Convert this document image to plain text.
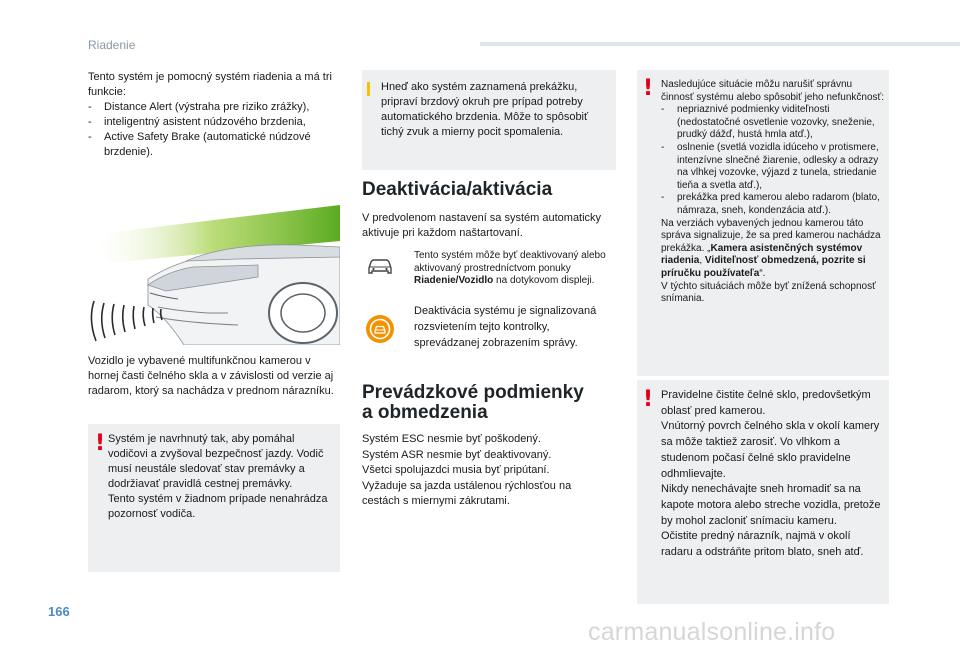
Riadenie

Tento systém je pomocný systém riadenia a má tri funkcie:

- Distance Alert (výstraha pre riziko zrážky),
- inteligentný asistent núdzového brzdenia,
- Active Safety Brake (automatické núdzové brzdenie).
Vozidlo je vybavené multifunkčnou kamerou v hornej časti čelného skla a v závislosti od verzie aj radarom, ktorý sa nachádza v prednom nárazníku.
! Systém je navrhnutý tak, aby pomáhal vodičovi a zvyšoval bezpečnosť jazdy. Vodič musí neustále sledovať stav premávky a dodržiavať pravidlá cestnej premávky.
Tento systém v žiadnom prípade nenahrádza pozornosť vodiča.
Hneď ako systém zaznamená prekážku, pripraví brzdový okruh pre prípad potreby automatického brzdenia. Môže to spôsobiť tichý zvuk a mierny pocit spomalenia.
Deaktivácia/aktivácia
V predvolenom nastavení sa systém automaticky aktivuje pri každom naštartovaní.
Tento systém môže byť deaktivovaný alebo aktivovaný prostredníctvom ponuky Riadenie/Vozidlo na dotykovom displeji.
Deaktivácia systému je signalizovaná rozsvietením tejto kontrolky, sprevádzanej zobrazením správy.
Prevádzkové podmienky
a obmedzenia
Systém ESC nesmie byť poškodený.
Systém ASR nesmie byť deaktivovaný.
Všetci spolujazdci musia byť pripútaní.
Vyžaduje sa jazda ustálenou rýchlosťou na cestách s miernymi zákrutami.
! Nasledujúce situácie môžu narušiť správnu činnosť systému alebo spôsobiť jeho nefunkčnosť:
- nepriaznivé podmienky viditeľnosti (nedostatočné osvetlenie vozovky, sneženie, prudký dážď, hustá hmla atď.),
- oslnenie (svetlá vozidla idúceho v protismere, intenzívne slnečné žiarenie, odlesky a odrazy na vlhkej vozovke, výjazd z tunela, striedanie tieňa a svetla atď.),
- prekážka pred kamerou alebo radarom (blato, námraza, sneh, kondenzácia atď.).
Na verziách vybavených jednou kamerou táto správa signalizuje, že sa pred kamerou nachádza prekážka. „Kamera asistenčných systémov riadenia, Viditeľnosť obmedzená, pozrite si príručku používateľa“.
V týchto situáciách môže byť znížená schopnosť snímania.
! Pravidelne čistite čelné sklo, predovšetkým oblasť pred kamerou.
Vnútorný povrch čelného skla v okolí kamery sa môže taktiež zarosiť. Vo vlhkom a studenom počasí čelné sklo pravidelne odhmlievajte.
Nikdy nenechávajte sneh hromadiť sa na kapote motora alebo streche vozidla, pretože by mohol zacloniť snímaciu kameru.
Očistite predný nárazník, najmä v okolí radaru a odstráňte pritom blato, sneh atď.
166
carmanualsonline.info
